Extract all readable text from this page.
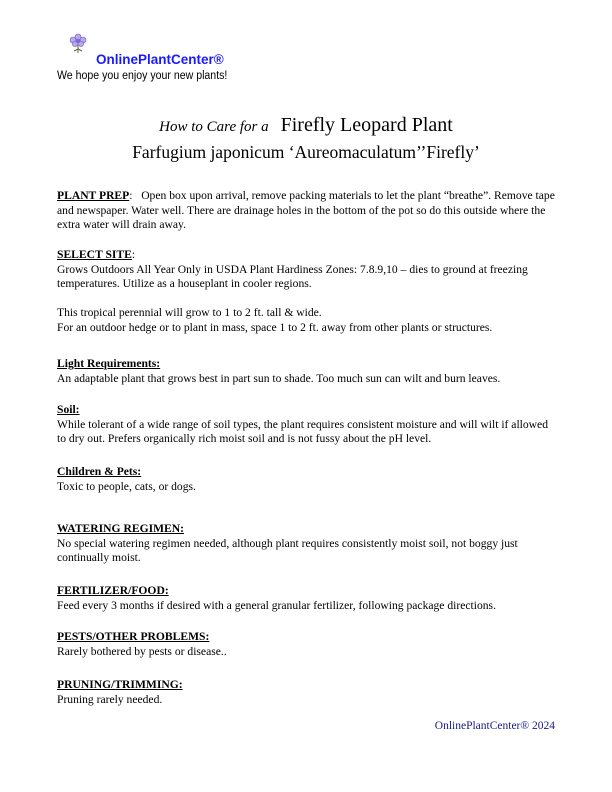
OnlinePlantCenter®
We hope you enjoy your new plants!
How to Care for a Firefly Leopard Plant
Farfugium japonicum ‘Aureomaculatum’’Firefly’

PLANT PREP:   Open box upon arrival, remove packing materials to let the plant “breathe”. Remove tape and newspaper. Water well. There are drainage holes in the bottom of the pot so do this outside where the extra water will drain away.

SELECT SITE:

Grows Outdoors All Year Only in USDA Plant Hardiness Zones: 7.8.9,10 – dies to ground at freezing temperatures. Utilize as a houseplant in cooler regions.

This tropical perennial will grow to 1 to 2 ft. tall & wide.

For an outdoor hedge or to plant in mass, space 1 to 2 ft. away from other plants or structures.

Light Requirements:

An adaptable plant that grows best in part sun to shade. Too much sun can wilt and burn leaves.

Soil:

While tolerant of a wide range of soil types, the plant requires consistent moisture and will wilt if allowed to dry out. Prefers organically rich moist soil and is not fussy about the pH level.

Children & Pets:

Toxic to people, cats, or dogs.

WATERING REGIMEN:

No special watering regimen needed, although plant requires consistently moist soil, not boggy just continually moist.

FERTILIZER/FOOD:

Feed every 3 months if desired with a general granular fertilizer, following package directions.

PESTS/OTHER PROBLEMS:

Rarely bothered by pests or disease..

PRUNING/TRIMMING:

Pruning rarely needed.

OnlinePlantCenter® 2024
